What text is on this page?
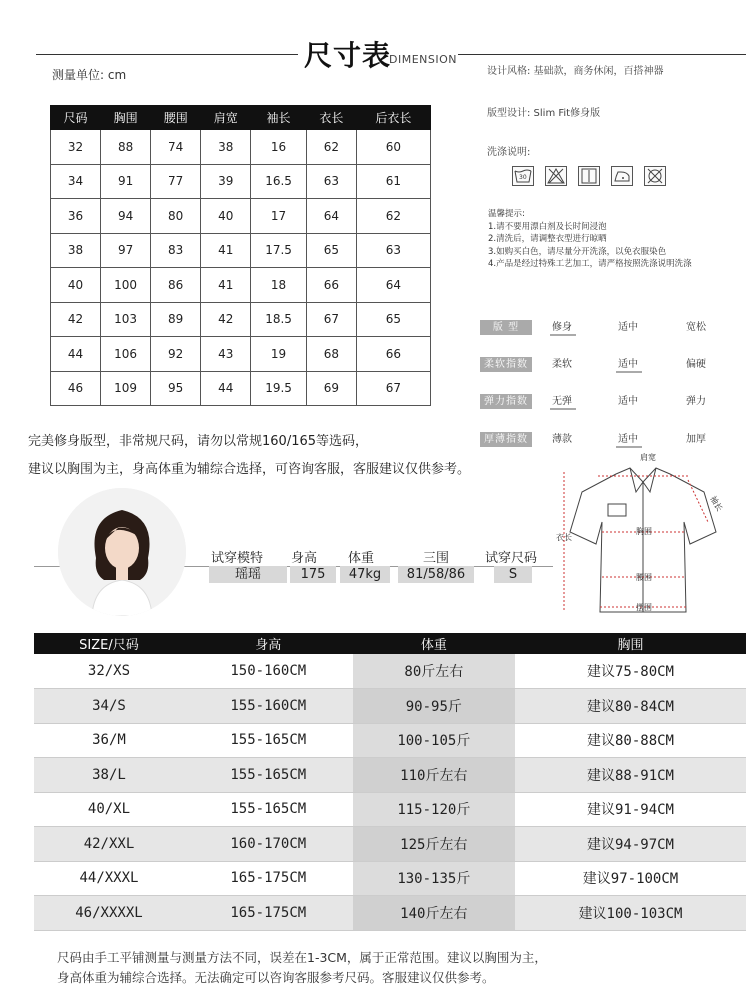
尺寸表
DIMENSION
测量单位: cm
尺码	胸围	腰围	肩宽	袖长	衣长	后衣长
32	88	74	38	16	62	60
34	91	77	39	16.5	63	61
36	94	80	40	17	64	62
38	97	83	41	17.5	65	63
40	100	86	41	18	66	64
42	103	89	42	18.5	67	65
44	106	92	43	19	68	66
46	109	95	44	19.5	69	67
完美修身版型，非常规尺码，请勿以常规160/165等选码，
建议以胸围为主，身高体重为辅综合选择，可咨询客服，客服建议仅供参考。
设计风格: 基础款，商务休闲，百搭神器
版型设计: Slim Fit修身版
洗涤说明:
30
温馨提示:
1.请不要用漂白剂及长时间浸泡
2.清洗后，请调整衣型进行晾晒
3.如购买白色，请尽量分开洗涤，以免衣服染色
4.产品是经过特殊工艺加工，请严格按照洗涤说明洗涤
版 型	修身	适中	宽松
柔软指数	柔软	适中	偏硬
弹力指数	无弹	适中	弹力
厚薄指数	薄款	适中	加厚
肩宽
袖长
衣长
胸围
腰围
摆围
试穿模特 身高 体重	三围	试穿尺码
瑶瑶	175	47kg	81/58/86	S
SIZE/尺码	身高	体重	胸围
32/XS	150-160CM	80斤左右	建议75-80CM
34/S	155-160CM	90-95斤	建议80-84CM
36/M	155-165CM	100-105斤	建议80-88CM
38/L	155-165CM	110斤左右	建议88-91CM
40/XL	155-165CM	115-120斤	建议91-94CM
42/XXL	160-170CM	125斤左右	建议94-97CM
44/XXXL	165-175CM	130-135斤	建议97-100CM
46/XXXXL	165-175CM	140斤左右	建议100-103CM
尺码由手工平铺测量与测量方法不同，误差在1-3CM，属于正常范围。建议以胸围为主，
身高体重为辅综合选择。无法确定可以咨询客服参考尺码。客服建议仅供参考。
